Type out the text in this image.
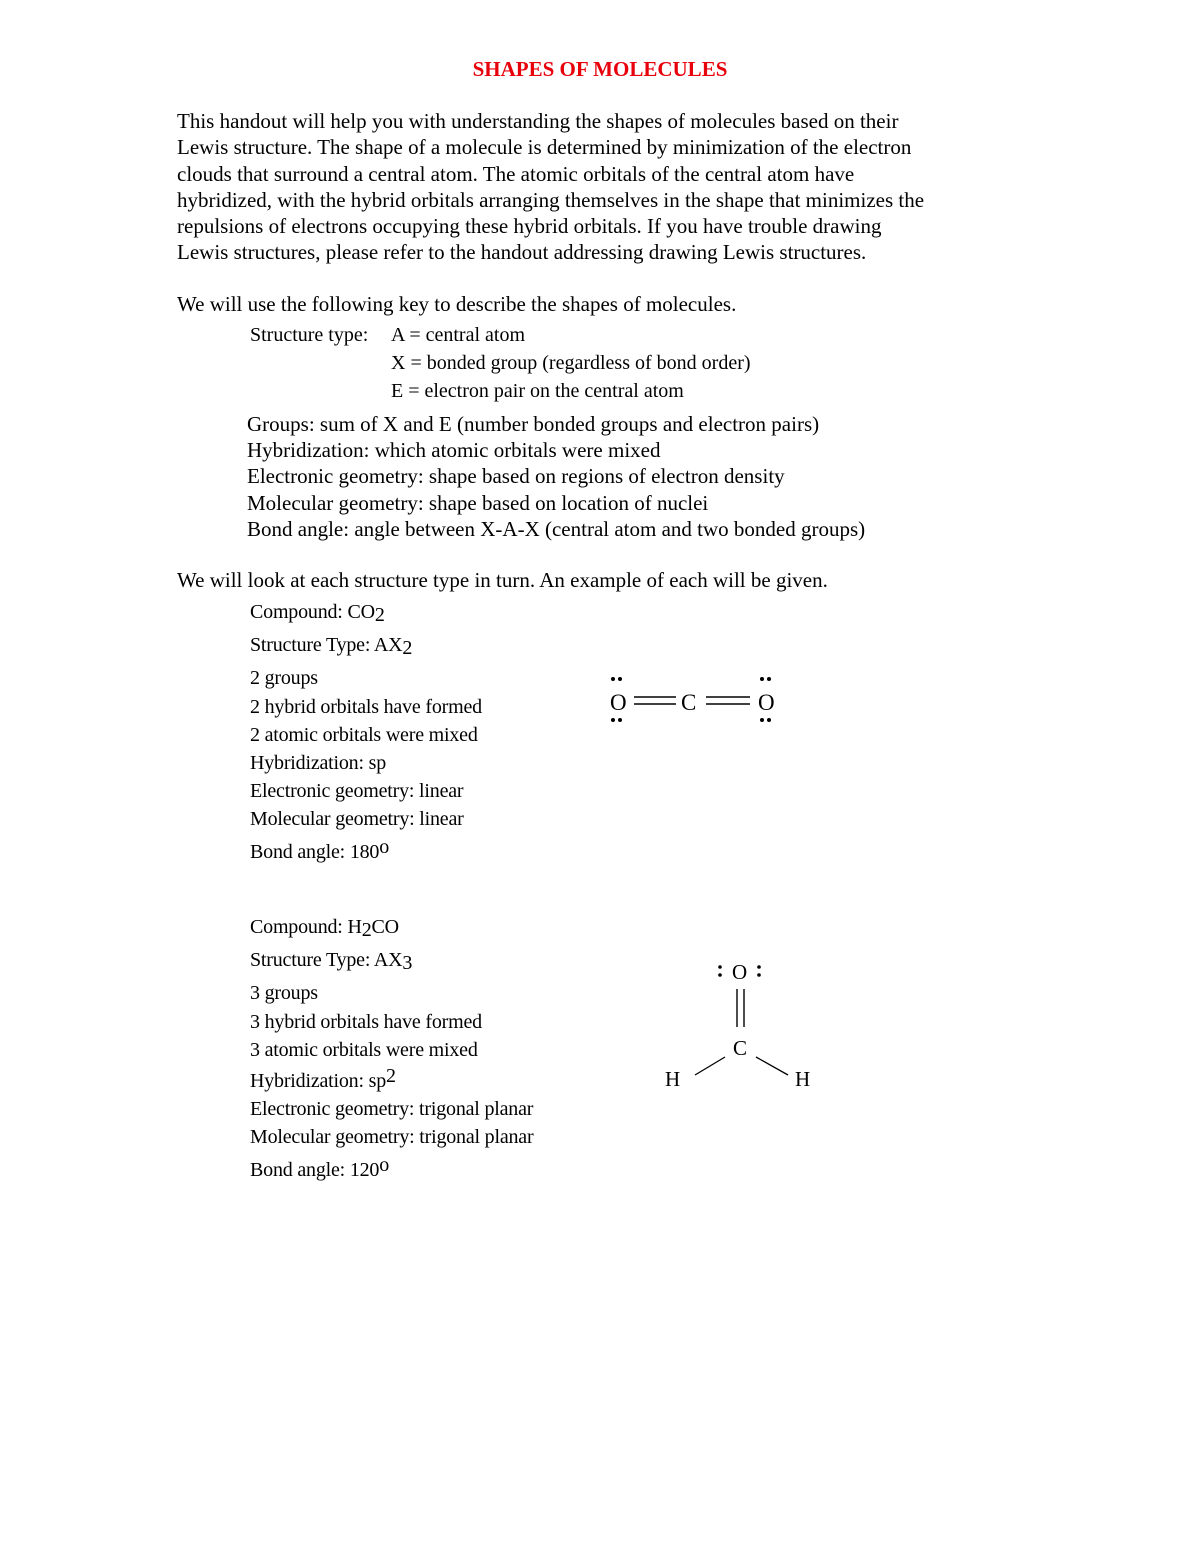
SHAPES OF MOLECULES
This handout will help you with understanding the shapes of molecules based on their
Lewis structure. The shape of a molecule is determined by minimization of the electron
clouds that surround a central atom. The atomic orbitals of the central atom have
hybridized, with the hybrid orbitals arranging themselves in the shape that minimizes the
repulsions of electrons occupying these hybrid orbitals. If you have trouble drawing
Lewis structures, please refer to the handout addressing drawing Lewis structures.
We will use the following key to describe the shapes of molecules.
Structure type: A = central atom
X = bonded group (regardless of bond order)
E = electron pair on the central atom
Groups: sum of X and E (number bonded groups and electron pairs)
Hybridization: which atomic orbitals were mixed
Electronic geometry: shape based on regions of electron density
Molecular geometry: shape based on location of nuclei
Bond angle: angle between X-A-X (central atom and two bonded groups)
We will look at each structure type in turn. An example of each will be given.
Compound: $CO_2$
Structure Type: $AX_2$
2 groups
2 hybrid orbitals have formed
2 atomic orbitals were mixed
Hybridization: sp
Electronic geometry: linear
Molecular geometry: linear
Bond angle: 180$^o$
O C	O
Compound: $H_2CO$
Structure Type: $AX_3$
3 groups
3 hybrid orbitals have formed
3 atomic orbitals were mixed
Hybridization: $sp^2$
Electronic geometry: trigonal planar
Molecular geometry: trigonal planar
Bond angle: 120$^o$
O
C
H	H
